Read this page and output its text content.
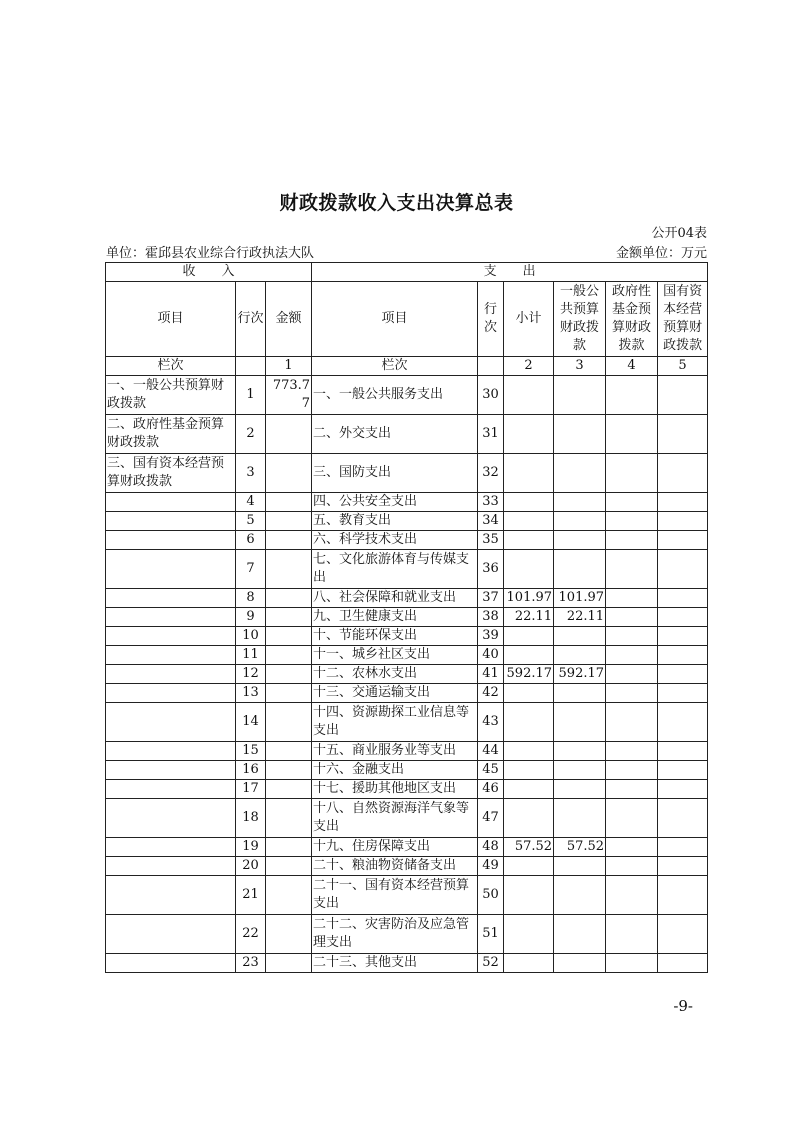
财政拨款收入支出决算总表
公开04表
单位：霍邱县农业综合行政执法大队	金额单位：万元
收　　入			支　　出					
项目	行次	金额	项目	行次	小计	一般公共预算财政拨款	政府性基金预算财政拨款	国有资本经营预算财政拨款
栏次		1	栏次		2	3	4	5
一、一般公共预算财政拨款	1	773.77	一、一般公共服务支出	30				
二、政府性基金预算财政拨款	2		二、外交支出	31				
三、国有资本经营预算财政拨款	3		三、国防支出	32				
	4		四、公共安全支出	33				
	5		五、教育支出	34				
	6		六、科学技术支出	35				
	7		七、文化旅游体育与传媒支出	36				
	8		八、社会保障和就业支出	37	101.97	101.97		
	9		九、卫生健康支出	38	22.11	22.11		
	10		十、节能环保支出	39				
	11		十一、城乡社区支出	40				
	12		十二、农林水支出	41	592.17	592.17		
	13		十三、交通运输支出	42				
	14		十四、资源勘探工业信息等支出	43				
	15		十五、商业服务业等支出	44				
	16		十六、金融支出	45				
	17		十七、援助其他地区支出	46				
	18		十八、自然资源海洋气象等支出	47				
	19		十九、住房保障支出	48	57.52	57.52		
	20		二十、粮油物资储备支出	49				
	21		二十一、国有资本经营预算支出	50				
	22		二十二、灾害防治及应急管理支出	51				
	23		二十三、其他支出	52				
-9-
